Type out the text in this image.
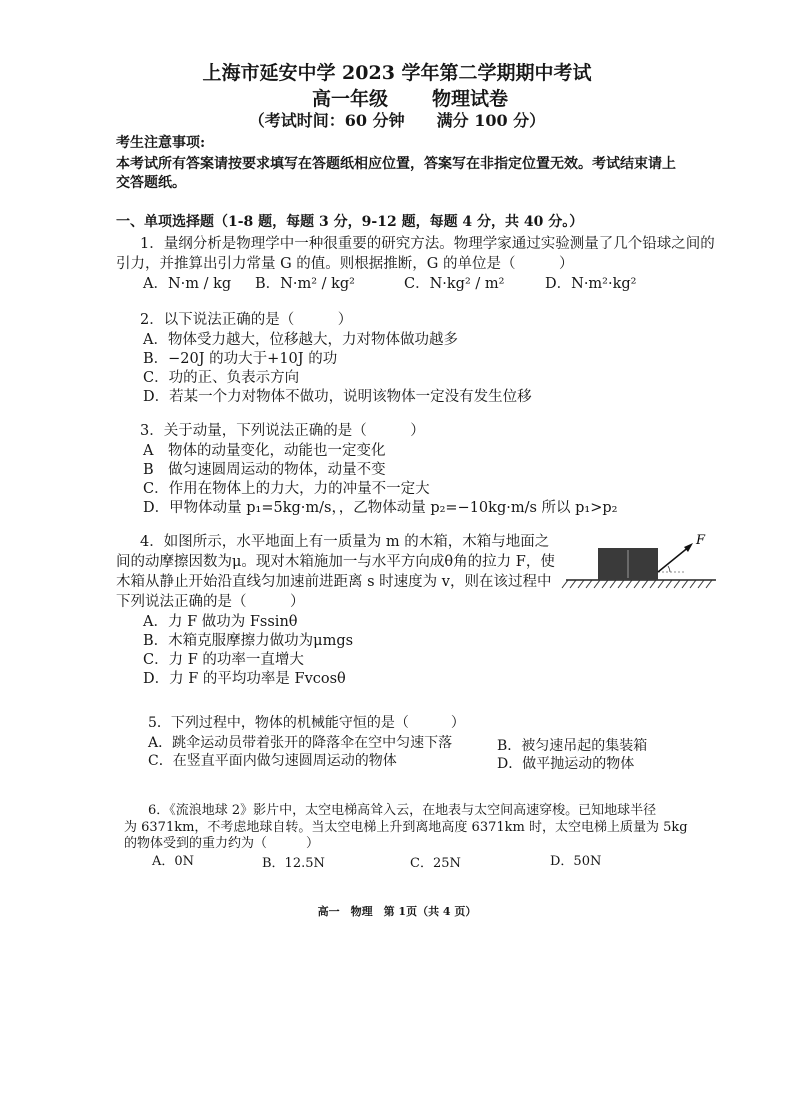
上海市延安中学 2023 学年第二学期期中考试
高一年级 物理试卷
（考试时间：60 分钟　　满分 100 分）
考生注意事项:
本考试所有答案请按要求填写在答题纸相应位置，答案写在非指定位置无效。考试结束请上
交答题纸。
一、单项选择题（1-8 题，每题 3 分，9-12 题，每题 4 分，共 40 分。）
1．量纲分析是物理学中一种很重要的研究方法。物理学家通过实验测量了几个铅球之间的
引力，并推算出引力常量 G 的值。则根据推断，G 的单位是（　　　）
A．N·m / kg B．N·m² / kg²	C．N·kg² / m²	D．N·m²·kg²
2．以下说法正确的是（　　　）
A．物体受力越大，位移越大，力对物体做功越多
B．−20J 的功大于+10J 的功
C．功的正、负表示方向
D．若某一个力对物体不做功，说明该物体一定没有发生位移
3．关于动量，下列说法正确的是（　　　）
A　物体的动量变化，动能也一定变化
B　做匀速圆周运动的物体，动量不变
C．作用在物体上的力大，力的冲量不一定大
D．甲物体动量 p₁=5kg·m/s，，乙物体动量 p₂=−10kg·m/s 所以 p₁>p₂
4．如图所示，水平地面上有一质量为 m 的木箱，木箱与地面之
间的动摩擦因数为μ。现对木箱施加一与水平方向成θ角的拉力 F，使
木箱从静止开始沿直线匀加速前进距离 s 时速度为 v，则在该过程中
下列说法正确的是（　　　）
A．力 F 做功为 Fssinθ
B．木箱克服摩擦力做功为μmgs
C．力 F 的功率一直增大
D．力 F 的平均功率是 Fvcosθ
F
5．下列过程中，物体的机械能守恒的是（　　　）
A．跳伞运动员带着张开的降落伞在空中匀速下落	B．被匀速吊起的集装箱
C．在竖直平面内做匀速圆周运动的物体	D．做平抛运动的物体
6．《流浪地球 2》影片中，太空电梯高耸入云，在地表与太空间高速穿梭。已知地球半径
为 6371km，不考虑地球自转。当太空电梯上升到离地高度 6371km 时，太空电梯上质量为 5kg
的物体受到的重力约为（　　　）
A．0N	B．12.5N	C．25N	D．50N
高一　物理　第 1页（共 4 页）
